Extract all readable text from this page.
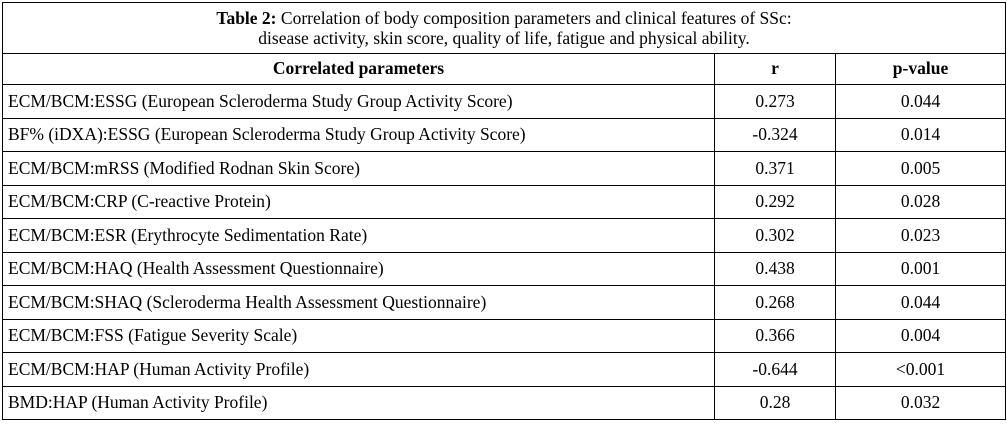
Table 2: Correlation of body composition parameters and clinical features of SSc:
disease activity, skin score, quality of life, fatigue and physical ability.		
Correlated parameters	r	p-value
ECM/BCM:ESSG (European Scleroderma Study Group Activity Score)	0.273	0.044
BF% (iDXA):ESSG (European Scleroderma Study Group Activity Score)	-0.324	0.014
ECM/BCM:mRSS (Modified Rodnan Skin Score)	0.371	0.005
ECM/BCM:CRP (C-reactive Protein)	0.292	0.028
ECM/BCM:ESR (Erythrocyte Sedimentation Rate)	0.302	0.023
ECM/BCM:HAQ (Health Assessment Questionnaire)	0.438	0.001
ECM/BCM:SHAQ (Scleroderma Health Assessment Questionnaire)	0.268	0.044
ECM/BCM:FSS (Fatigue Severity Scale)	0.366	0.004
ECM/BCM:HAP (Human Activity Profile)	-0.644	<0.001
BMD:HAP (Human Activity Profile)	0.28	0.032
